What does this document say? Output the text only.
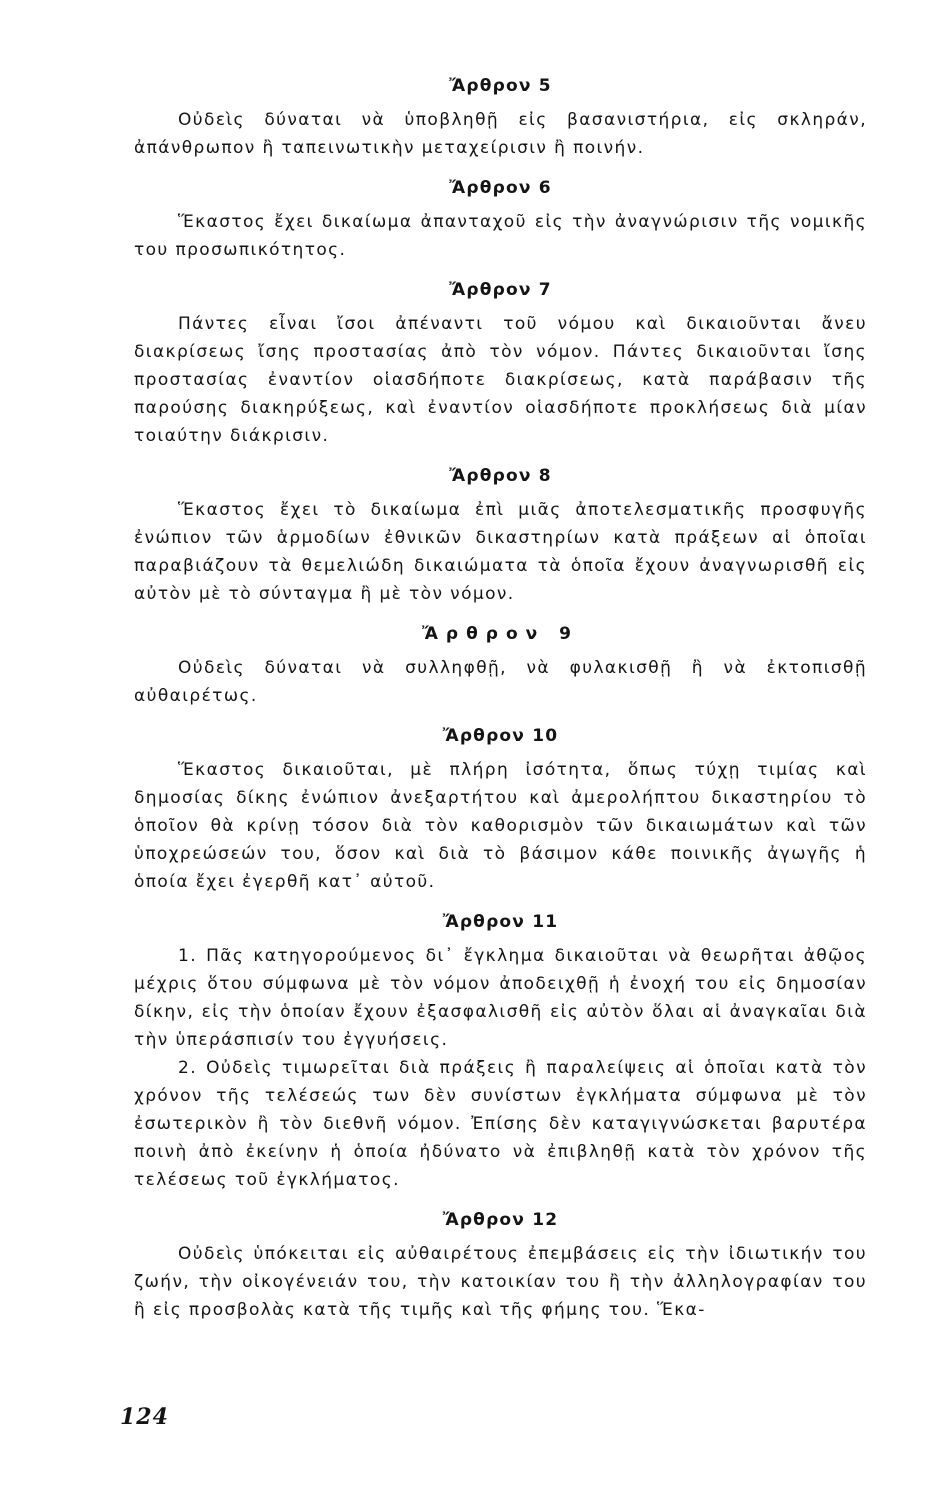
Ἄρθρον 5

Οὐδεὶς δύναται νὰ ὑποβληθῇ εἰς βασανιστήρια, εἰς σκληράν, ἀπάνθρωπον ἢ ταπεινωτικὴν μεταχείρισιν ἢ ποινήν.

Ἄρθρον 6

Ἕκαστος ἔχει δικαίωμα ἀπανταχοῦ εἰς τὴν ἀναγνώρισιν τῆς νομικῆς του προσωπικότητος.

Ἄρθρον 7

Πάντες εἶναι ἴσοι ἀπέναντι τοῦ νόμου καὶ δικαιοῦνται ἄνευ διακρίσεως ἴσης προστασίας ἀπὸ τὸν νόμον. Πάντες δικαιοῦνται ἴσης προστασίας ἐναντίον οἱασδήποτε διακρίσεως, κατὰ παράβασιν τῆς παρούσης διακηρύξεως, καὶ ἐναντίον οἱασδήποτε προκλήσεως διὰ μίαν τοιαύτην διάκρισιν.

Ἄρθρον 8

Ἕκαστος ἔχει τὸ δικαίωμα ἐπὶ μιᾶς ἀποτελεσματικῆς προσφυγῆς ἐνώπιον τῶν ἁρμοδίων ἐθνικῶν δικαστηρίων κατὰ πράξεων αἱ ὁποῖαι παραβιάζουν τὰ θεμελιώδη δικαιώματα τὰ ὁποῖα ἔχουν ἀναγνωρισθῆ εἰς αὐτὸν μὲ τὸ σύνταγμα ἢ μὲ τὸν νόμον.

Ἄρθρον 9

Οὐδεὶς δύναται νὰ συλληφθῇ, νὰ φυλακισθῇ ἢ νὰ ἐκτοπισθῇ αὐθαιρέτως.

Ἄρθρον 10

Ἕκαστος δικαιοῦται, μὲ πλήρη ἰσότητα, ὅπως τύχῃ τιμίας καὶ δημοσίας δίκης ἐνώπιον ἀνεξαρτήτου καὶ ἀμερολήπτου δικαστηρίου τὸ ὁποῖον θὰ κρίνῃ τόσον διὰ τὸν καθορισμὸν τῶν δικαιωμάτων καὶ τῶν ὑποχρεώσεών του, ὅσον καὶ διὰ τὸ βάσιμον κάθε ποινικῆς ἀγωγῆς ἡ ὁποία ἔχει ἐγερθῆ κατ᾽ αὐτοῦ.

Ἄρθρον 11

1. Πᾶς κατηγορούμενος δι᾽ ἔγκλημα δικαιοῦται νὰ θεωρῆται ἀθῷος μέχρις ὅτου σύμφωνα μὲ τὸν νόμον ἀποδειχθῇ ἡ ἐνοχή του εἰς δημοσίαν δίκην, εἰς τὴν ὁποίαν ἔχουν ἐξασφαλισθῆ εἰς αὐτὸν ὅλαι αἱ ἀναγκαῖαι διὰ τὴν ὑπεράσπισίν του ἐγγυήσεις.

2. Οὐδεὶς τιμωρεῖται διὰ πράξεις ἢ παραλείψεις αἱ ὁποῖαι κατὰ τὸν χρόνον τῆς τελέσεώς των δὲν συνίστων ἐγκλήματα σύμφωνα μὲ τὸν ἐσωτερικὸν ἢ τὸν διεθνῆ νόμον. Ἐπίσης δὲν καταγιγνώσκεται βαρυτέρα ποινὴ ἀπὸ ἐκείνην ἡ ὁποία ἠδύνατο νὰ ἐπιβληθῇ κατὰ τὸν χρόνον τῆς τελέσεως τοῦ ἐγκλήματος.

Ἄρθρον 12

Οὐδεὶς ὑπόκειται εἰς αὐθαιρέτους ἐπεμβάσεις εἰς τὴν ἰδιωτικήν του ζωήν, τὴν οἰκογένειάν του, τὴν κατοικίαν του ἢ τὴν ἀλληλογραφίαν του ἢ εἰς προσβολὰς κατὰ τῆς τιμῆς καὶ τῆς φήμης του. Ἕκα-

124
